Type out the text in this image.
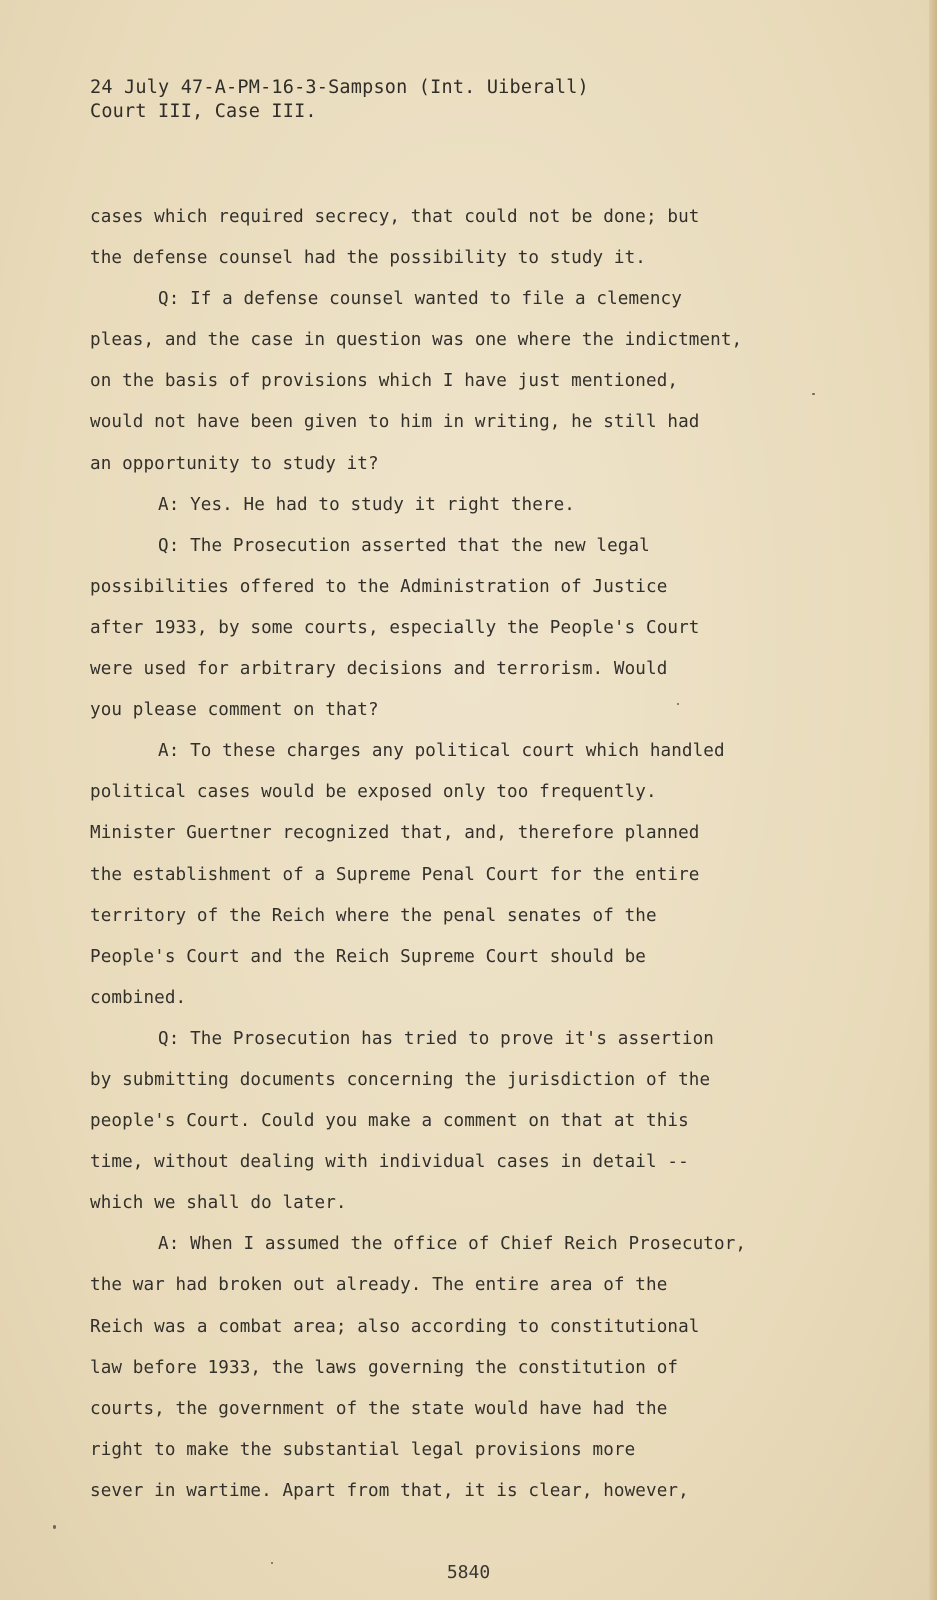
24 July 47-A-PM-16-3-Sampson (Int. Uiberall)
Court III, Case III.
cases which required secrecy, that could not be done; but
the defense counsel had the possibility to study it.
Q: If a defense counsel wanted to file a clemency
pleas, and the case in question was one where the indictment,
on the basis of provisions which I have just mentioned,
would not have been given to him in writing, he still had
an opportunity to study it?
A: Yes. He had to study it right there.
Q: The Prosecution asserted that the new legal
possibilities offered to the Administration of Justice
after 1933, by some courts, especially the People's Court
were used for arbitrary decisions and terrorism. Would
you please comment on that?
A: To these charges any political court which handled
political cases would be exposed only too frequently.
Minister Guertner recognized that, and, therefore planned
the establishment of a Supreme Penal Court for the entire
territory of the Reich where the penal senates of the
People's Court and the Reich Supreme Court should be
combined.
Q: The Prosecution has tried to prove it's assertion
by submitting documents concerning the jurisdiction of the
people's Court. Could you make a comment on that at this
time, without dealing with individual cases in detail --
which we shall do later.
A: When I assumed the office of Chief Reich Prosecutor,
the war had broken out already. The entire area of the
Reich was a combat area; also according to constitutional
law before 1933, the laws governing the constitution of
courts, the government of the state would have had the
right to make the substantial legal provisions more
sever in wartime. Apart from that, it is clear, however,
5840
